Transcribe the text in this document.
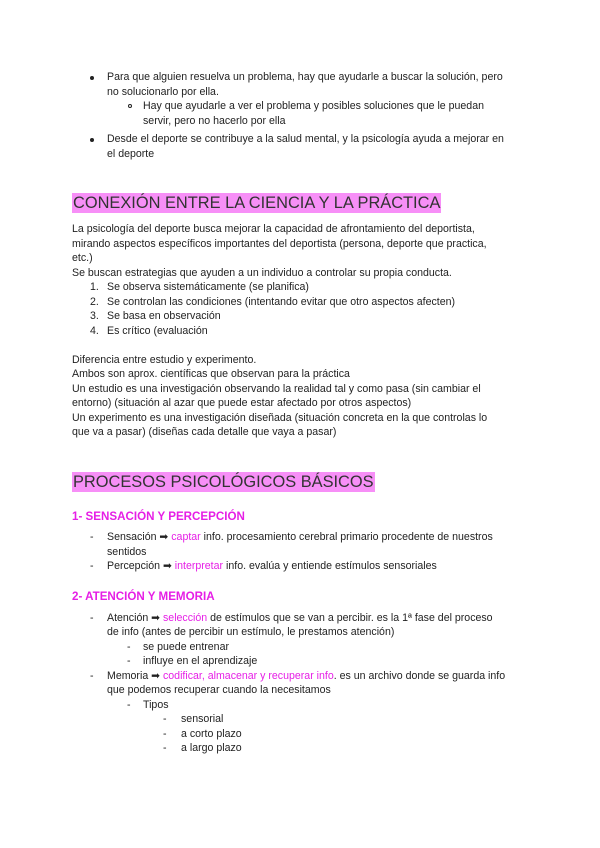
Para que alguien resuelva un problema, hay que ayudarle a buscar la solución, pero
no solucionarlo por ella.
Hay que ayudarle a ver el problema y posibles soluciones que le puedan
servir, pero no hacerlo por ella
Desde el deporte se contribuye a la salud mental, y la psicología ayuda a mejorar en
el deporte
CONEXIÓN ENTRE LA CIENCIA Y LA PRÁCTICA
La psicología del deporte busca mejorar la capacidad de afrontamiento del deportista,
mirando aspectos específicos importantes del deportista (persona, deporte que practica,
etc.)
Se buscan estrategias que ayuden a un individuo a controlar su propia conducta.
1. Se observa sistemáticamente (se planifica)
2. Se controlan las condiciones (intentando evitar que otro aspectos afecten)
3. Se basa en observación
4. Es crítico (evaluación
Diferencia entre estudio y experimento.
Ambos son aprox. científicas que observan para la práctica
Un estudio es una investigación observando la realidad tal y como pasa (sin cambiar el
entorno) (situación al azar que puede estar afectado por otros aspectos)
Un experimento es una investigación diseñada (situación concreta en la que controlas lo
que va a pasar) (diseñas cada detalle que vaya a pasar)
PROCESOS PSICOLÓGICOS BÁSICOS
1- SENSACIÓN Y PERCEPCIÓN
- Sensación ➡ captar info. procesamiento cerebral primario procedente de nuestros
sentidos
- Percepción ➡ interpretar info. evalúa y entiende estímulos sensoriales
2- ATENCIÓN Y MEMORIA
- Atención ➡ selección de estímulos que se van a percibir. es la 1ª fase del proceso
de info (antes de percibir un estímulo, le prestamos atención)
- se puede entrenar
- influye en el aprendizaje
- Memoria ➡ codificar, almacenar y recuperar info. es un archivo donde se guarda info
que podemos recuperar cuando la necesitamos
- Tipos
- sensorial
- a corto plazo
- a largo plazo
